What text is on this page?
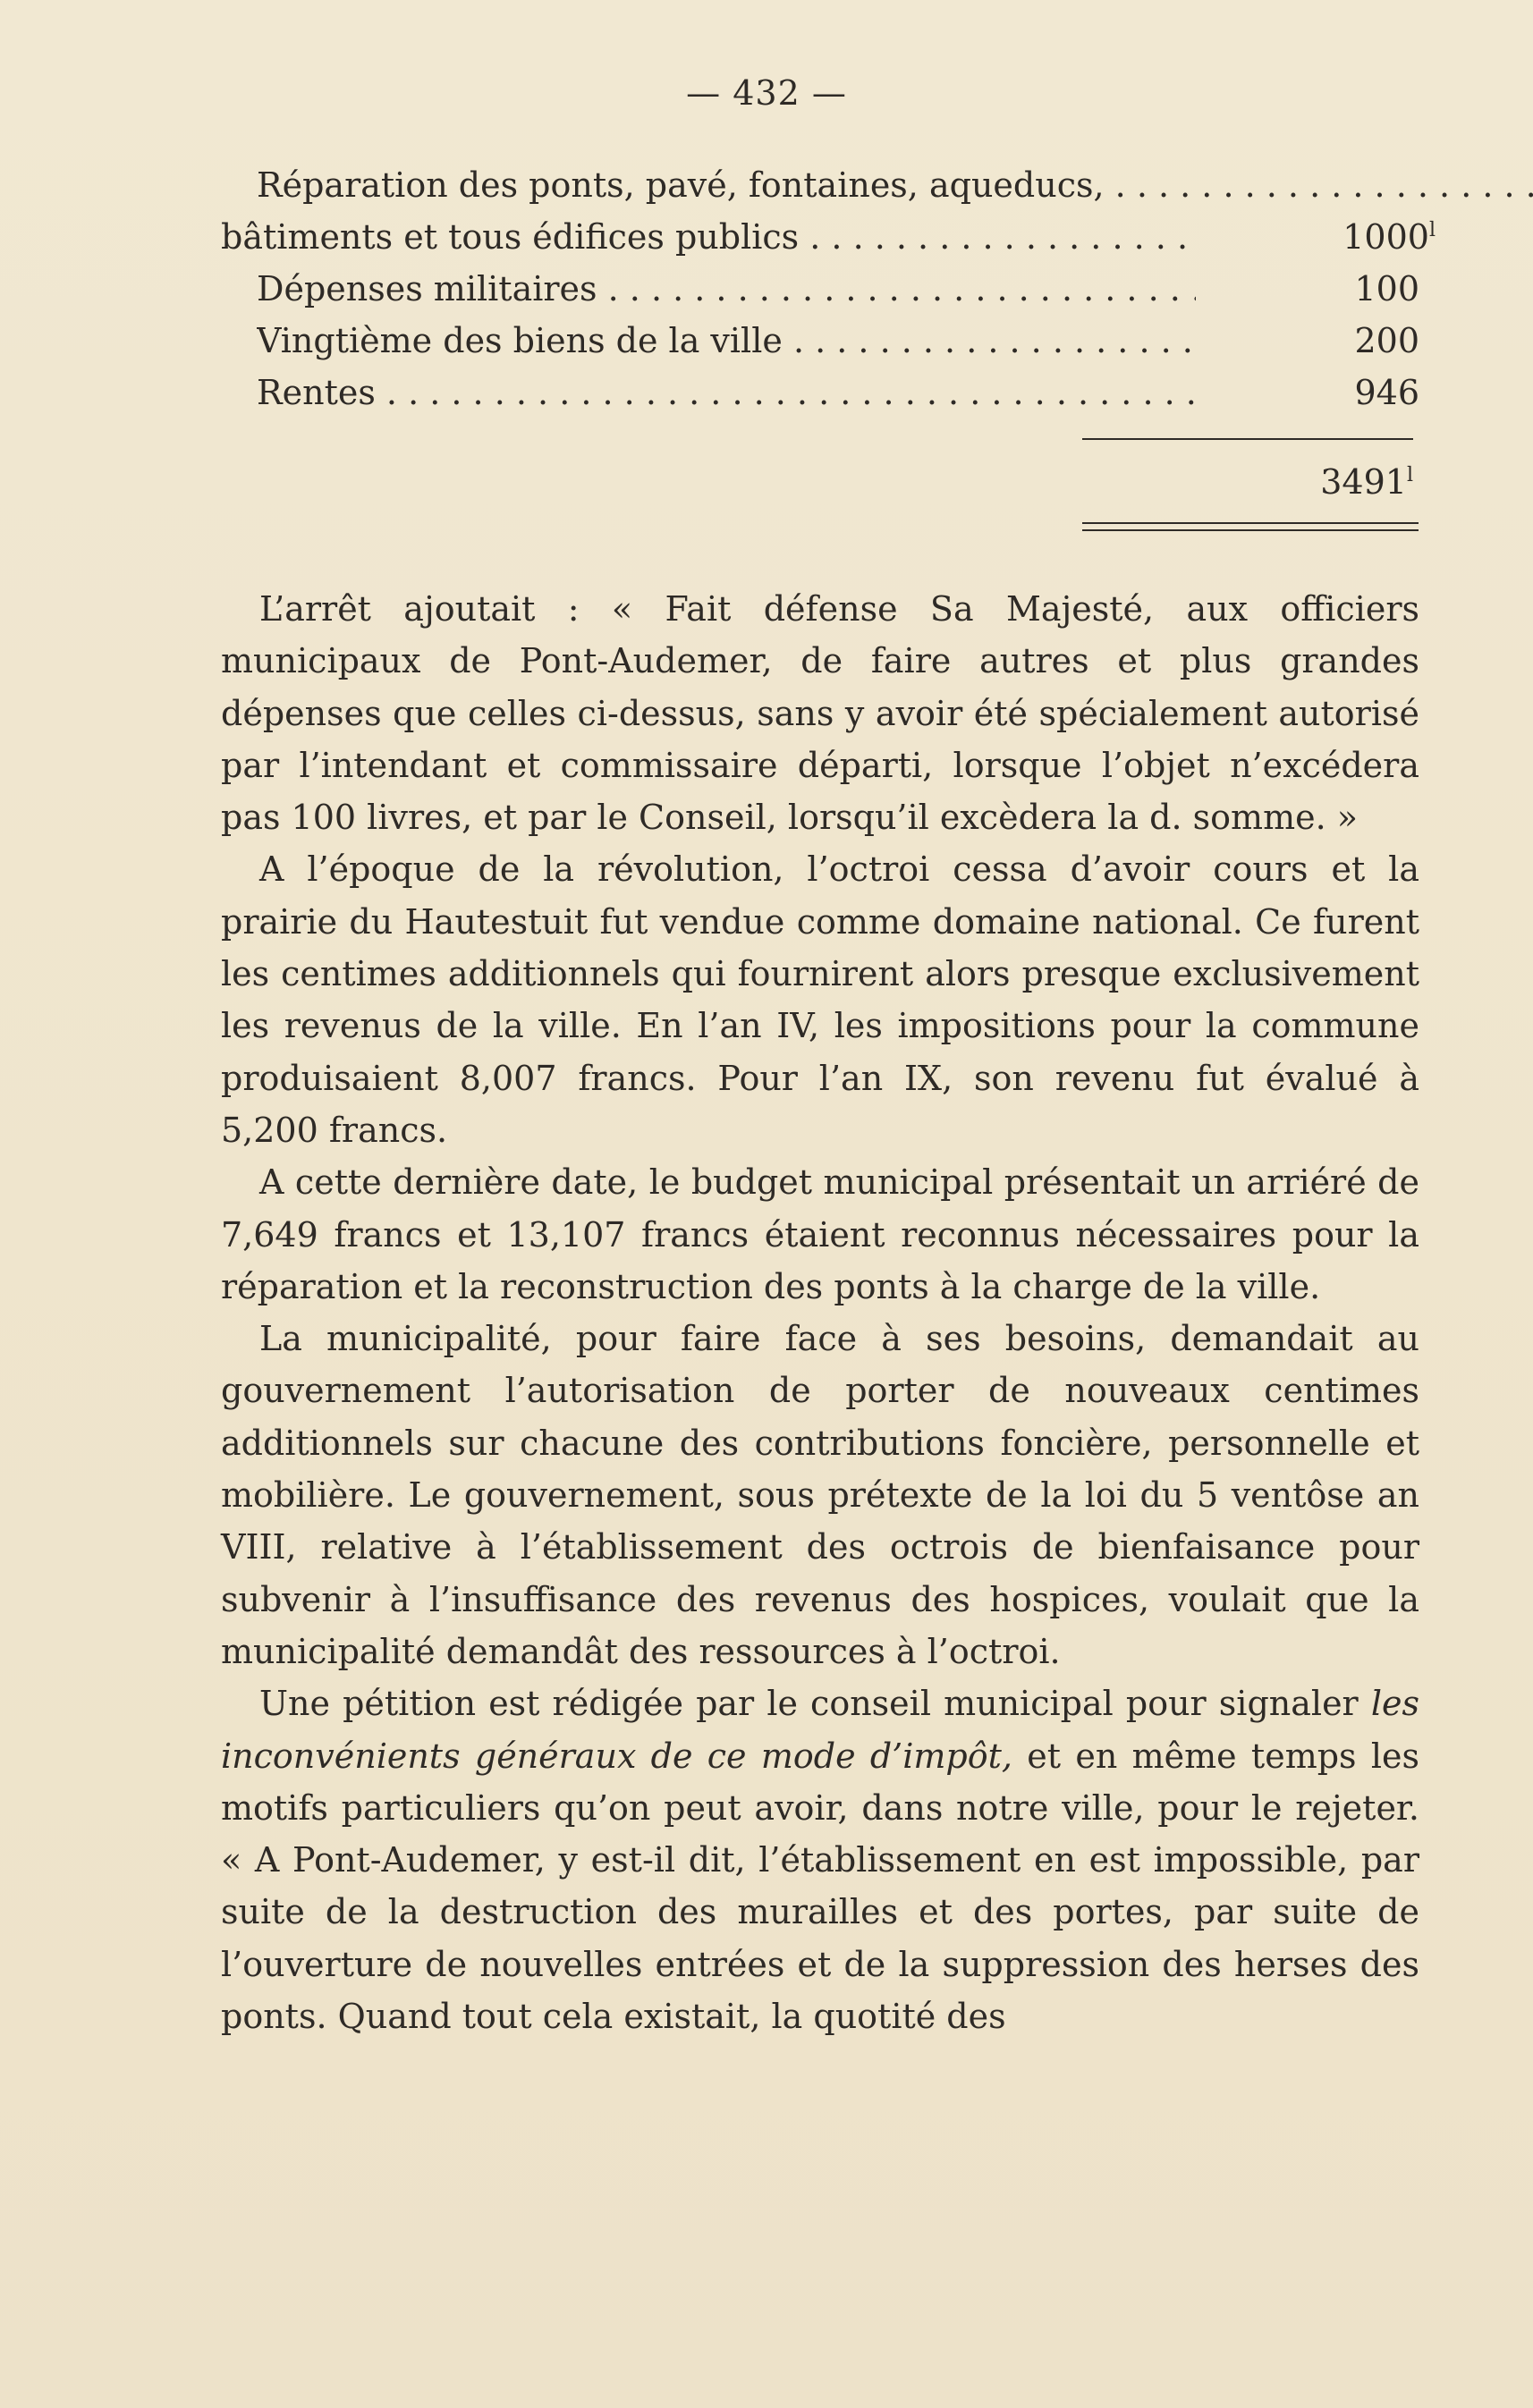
— 432 —
Réparation des ponts, pavé, fontaines, aqueducs, . . .
bâtiments et tous édifices publics . . .	1000$^l$
Dépenses militaires . . .	100
Vingtième des biens de la ville . . .	200
Rentes . . .	946
3491$^l$

L’arrêt ajoutait : « Fait défense Sa Majesté, aux officiers municipaux de Pont-Audemer, de faire autres et plus grandes dépenses que celles ci-dessus, sans y avoir été spécialement autorisé par l’intendant et commissaire départi, lorsque l’objet n’excédera pas 100 livres, et par le Conseil, lorsqu’il excèdera la d. somme. »

A l’époque de la révolution, l’octroi cessa d’avoir cours et la prairie du Hautestuit fut vendue comme domaine national. Ce furent les centimes additionnels qui fournirent alors presque exclusivement les revenus de la ville. En l’an IV, les impositions pour la commune produisaient 8,007 francs. Pour l’an IX, son revenu fut évalué à 5,200 francs.

A cette dernière date, le budget municipal présentait un arriéré de 7,649 francs et 13,107 francs étaient reconnus nécessaires pour la réparation et la reconstruction des ponts à la charge de la ville.

La municipalité, pour faire face à ses besoins, demandait au gouvernement l’autorisation de porter de nouveaux centimes additionnels sur chacune des contributions foncière, personnelle et mobilière. Le gouvernement, sous prétexte de la loi du 5 ventôse an VIII, relative à l’établissement des octrois de bienfaisance pour subvenir à l’insuffisance des revenus des hospices, voulait que la municipalité demandât des ressources à l’octroi.

Une pétition est rédigée par le conseil municipal pour signaler les inconvénients généraux de ce mode d’impôt, et en même temps les motifs particuliers qu’on peut avoir, dans notre ville, pour le rejeter. « A Pont-Audemer, y est-il dit, l’établissement en est impossible, par suite de la destruction des murailles et des portes, par suite de l’ouverture de nouvelles entrées et de la suppression des herses des ponts. Quand tout cela existait, la quotité des
